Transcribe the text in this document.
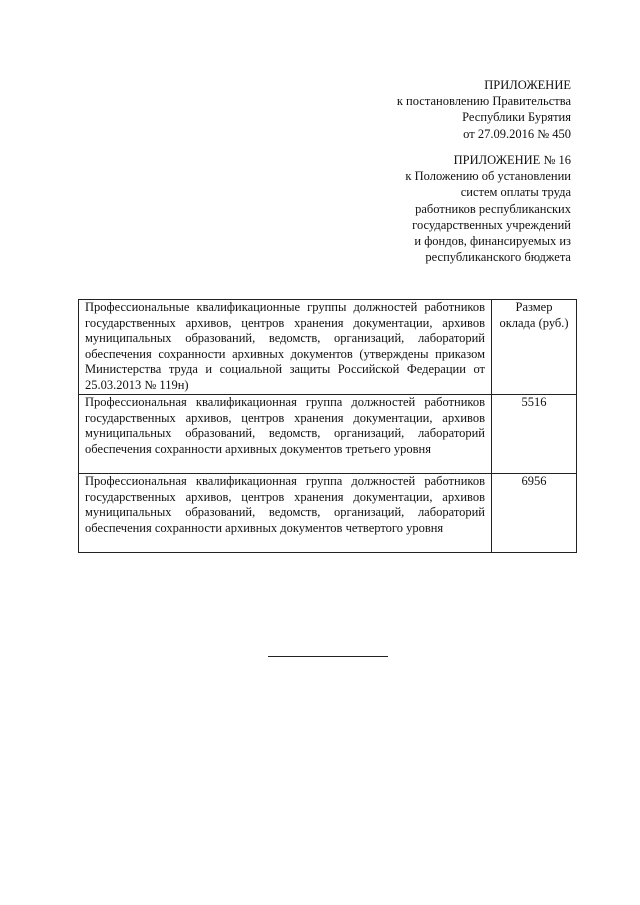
ПРИЛОЖЕНИЕ
к постановлению Правительства
Республики Бурятия
от 27.09.2016 № 450
ПРИЛОЖЕНИЕ № 16
к Положению об установлении
систем оплаты труда
работников республиканских
государственных учреждений
и фондов, финансируемых из
республиканского бюджета
Профессиональные квалификационные группы должностей работников государственных архивов, центров хранения документации, архивов муниципальных образований, ведомств, организаций, лабораторий обеспечения сохранности архивных документов (утверждены приказом Министерства труда и социальной защиты Российской Федерации от 25.03.2013 № 119н)	Размер оклада (руб.)
Профессиональная квалификационная группа должностей работников государственных архивов, центров хранения документации, архивов муниципальных образований, ведомств, организаций, лабораторий обеспечения сохранности архивных документов третьего уровня	5516
Профессиональная квалификационная группа должностей работников государственных архивов, центров хранения документации, архивов муниципальных образований, ведомств, организаций, лабораторий обеспечения сохранности архивных документов четвертого уровня	6956
